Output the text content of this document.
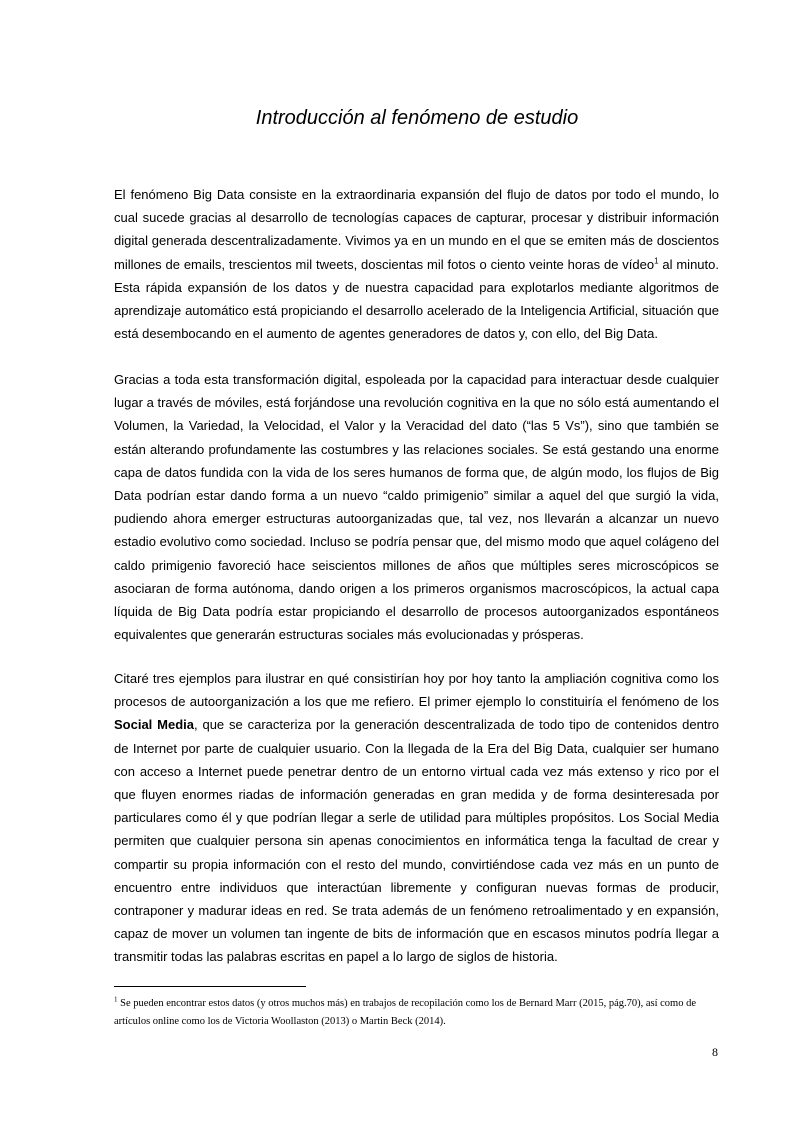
Introducción al fenómeno de estudio

El fenómeno Big Data consiste en la extraordinaria expansión del flujo de datos por todo el mundo, lo cual sucede gracias al desarrollo de tecnologías capaces de capturar, procesar y distribuir información digital generada descentralizadamente. Vivimos ya en un mundo en el que se emiten más de doscientos millones de emails, trescientos mil tweets, doscientas mil fotos o ciento veinte horas de vídeo$^1$ al minuto. Esta rápida expansión de los datos y de nuestra capacidad para explotarlos mediante algoritmos de aprendizaje automático está propiciando el desarrollo acelerado de la Inteligencia Artificial, situación que está desembocando en el aumento de agentes generadores de datos y, con ello, del Big Data.

Gracias a toda esta transformación digital, espoleada por la capacidad para interactuar desde cualquier lugar a través de móviles, está forjándose una revolución cognitiva en la que no sólo está aumentando el Volumen, la Variedad, la Velocidad, el Valor y la Veracidad del dato (“las 5 Vs”), sino que también se están alterando profundamente las costumbres y las relaciones sociales. Se está gestando una enorme capa de datos fundida con la vida de los seres humanos de forma que, de algún modo, los flujos de Big Data podrían estar dando forma a un nuevo “caldo primigenio” similar a aquel del que surgió la vida, pudiendo ahora emerger estructuras autoorganizadas que, tal vez, nos llevarán a alcanzar un nuevo estadio evolutivo como sociedad. Incluso se podría pensar que, del mismo modo que aquel colágeno del caldo primigenio favoreció hace seiscientos millones de años que múltiples seres microscópicos se asociaran de forma autónoma, dando origen a los primeros organismos macroscópicos, la actual capa líquida de Big Data podría estar propiciando el desarrollo de procesos autoorganizados espontáneos equivalentes que generarán estructuras sociales más evolucionadas y prósperas.

Citaré tres ejemplos para ilustrar en qué consistirían hoy por hoy tanto la ampliación cognitiva como los procesos de autoorganización a los que me refiero. El primer ejemplo lo constituiría el fenómeno de los Social Media, que se caracteriza por la generación descentralizada de todo tipo de contenidos dentro de Internet por parte de cualquier usuario. Con la llegada de la Era del Big Data, cualquier ser humano con acceso a Internet puede penetrar dentro de un entorno virtual cada vez más extenso y rico por el que fluyen enormes riadas de información generadas en gran medida y de forma desinteresada por particulares como él y que podrían llegar a serle de utilidad para múltiples propósitos. Los Social Media permiten que cualquier persona sin apenas conocimientos en informática tenga la facultad de crear y compartir su propia información con el resto del mundo, convirtiéndose cada vez más en un punto de encuentro entre individuos que interactúan libremente y configuran nuevas formas de producir, contraponer y madurar ideas en red. Se trata además de un fenómeno retroalimentado y en expansión, capaz de mover un volumen tan ingente de bits de información que en escasos minutos podría llegar a transmitir todas las palabras escritas en papel a lo largo de siglos de historia.

$^1$ Se pueden encontrar estos datos (y otros muchos más) en trabajos de recopilación como los de Bernard Marr (2015, pág.70), así como de artículos online como los de Victoria Woollaston (2013) o Martin Beck (2014).

8
